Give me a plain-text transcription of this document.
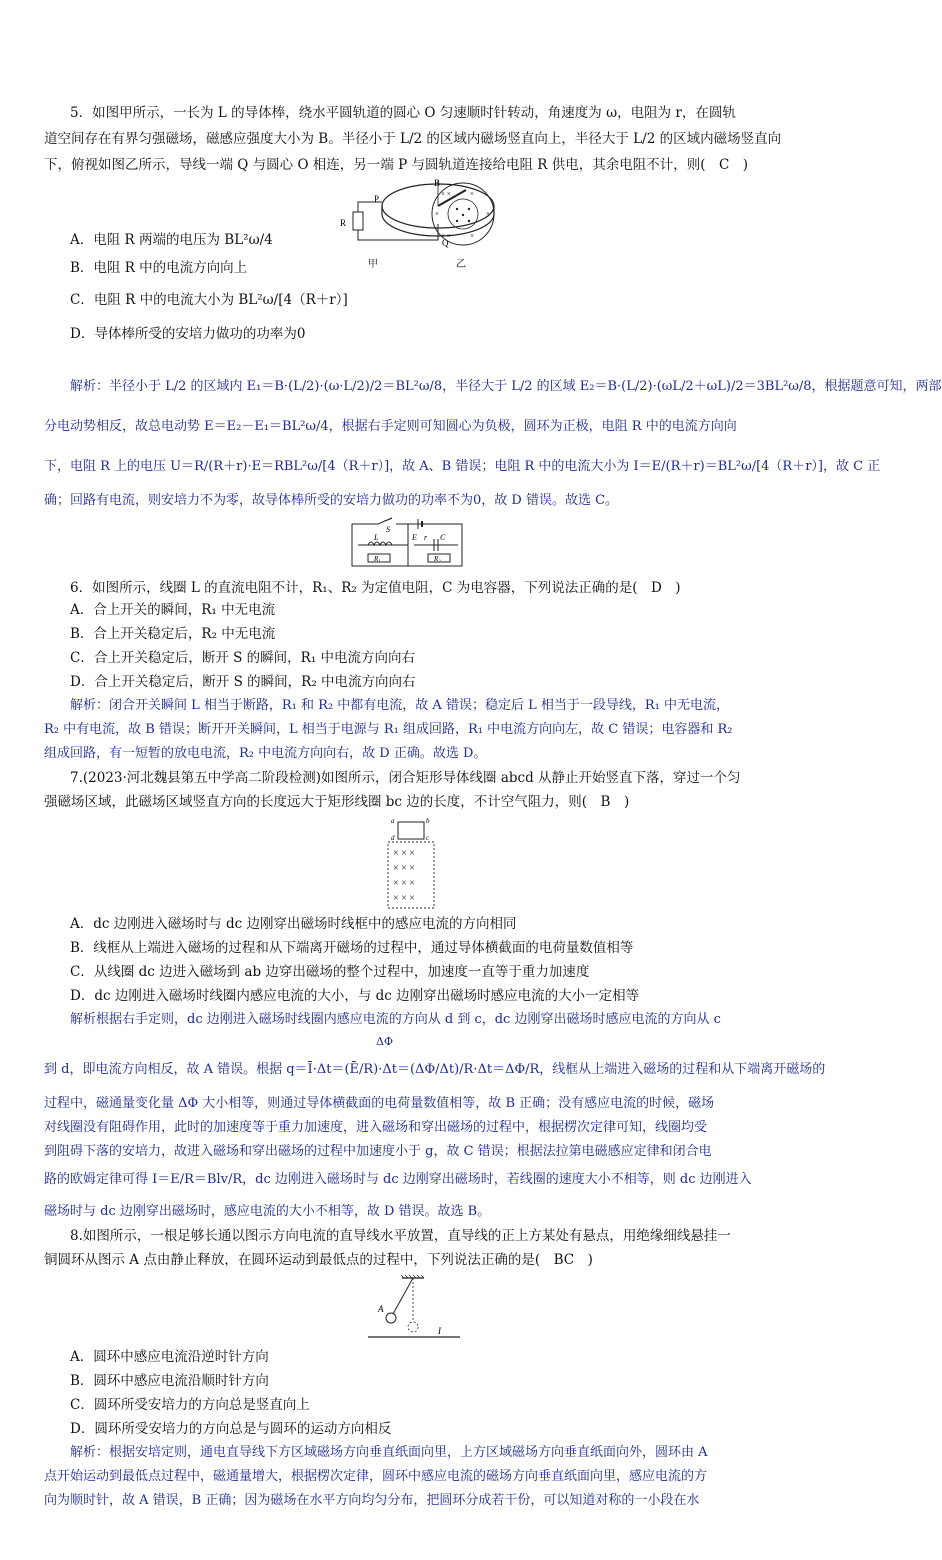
5．如图甲所示，一长为 L 的导体棒，绕水平圆轨道的圆心 O 匀速顺时针转动，角速度为 ω，电阻为 r，在圆轨
道空间存在有界匀强磁场，磁感应强度大小为 B。半径小于 L/2 的区域内磁场竖直向上，半径大于 L/2 的区域内磁场竖直向
下，俯视如图乙所示，导线一端 Q 与圆心 O 相连，另一端 P 与圆轨道连接给电阻 R 供电，其余电阻不计，则(　C　)
R
P
Q
B
甲
× ×	×
×	×
× ×	×
乙
A．电阻 R 两端的电压为 BL²ω/4
B．电阻 R 中的电流方向向上
C．电阻 R 中的电流大小为 BL²ω/[4（R＋r）]
D．导体棒所受的安培力做功的功率为0
解析：半径小于 L/2 的区域内 E₁＝B·(L/2)·(ω·L/2)/2＝BL²ω/8，半径大于 L/2 的区域 E₂＝B·(L/2)·(ωL/2＋ωL)/2＝3BL²ω/8，根据题意可知，两部
分电动势相反，故总电动势 E＝E₂－E₁＝BL²ω/4，根据右手定则可知圆心为负极，圆环为正极，电阻 R 中的电流方向向
下，电阻 R 上的电压 U＝R/(R＋r)·E＝RBL²ω/[4（R＋r）]，故 A、B 错误；电阻 R 中的电流大小为 I＝E/(R＋r)＝BL²ω/[4（R＋r）]，故 C 正
确；回路有电流，则安培力不为零，故导体棒所受的安培力做功的功率不为0，故 D 错误。故选 C。
S
L	E r C
R₁	R₂
6．如图所示，线圈 L 的直流电阻不计，R₁、R₂ 为定值电阻，C 为电容器，下列说法正确的是(　D　)
A．合上开关的瞬间，R₁ 中无电流
B．合上开关稳定后，R₂ 中无电流
C．合上开关稳定后，断开 S 的瞬间，R₁ 中电流方向向右
D．合上开关稳定后，断开 S 的瞬间，R₂ 中电流方向向右
解析：闭合开关瞬间 L 相当于断路，R₁ 和 R₂ 中都有电流，故 A 错误；稳定后 L 相当于一段导线，R₁ 中无电流，
R₂ 中有电流，故 B 错误；断开开关瞬间，L 相当于电源与 R₁ 组成回路，R₁ 中电流方向向左，故 C 错误；电容器和 R₂
组成回路，有一短暂的放电电流，R₂ 中电流方向向右，故 D 正确。故选 D。
7.(2023·河北魏县第五中学高二阶段检测)如图所示，闭合矩形导体线圈 abcd 从静止开始竖直下落，穿过一个匀
强磁场区域，此磁场区域竖直方向的长度远大于矩形线圈 bc 边的长度，不计空气阻力，则(　B　)
a	b
c
d
× × ×
× × ×
× × ×
× × ×
A．dc 边刚进入磁场时与 dc 边刚穿出磁场时线框中的感应电流的方向相同
B．线框从上端进入磁场的过程和从下端离开磁场的过程中，通过导体横截面的电荷量数值相等
C．从线圈 dc 边进入磁场到 ab 边穿出磁场的整个过程中，加速度一直等于重力加速度
D．dc 边刚进入磁场时线圈内感应电流的大小，与 dc 边刚穿出磁场时感应电流的大小一定相等
解析根据右手定则，dc 边刚进入磁场时线圈内感应电流的方向从 d 到 c，dc 边刚穿出磁场时感应电流的方向从 c
ΔΦ
到 d，即电流方向相反，故 A 错误。根据 q＝Ī·Δt＝(Ē/R)·Δt＝(ΔΦ/Δt)/R·Δt＝ΔΦ/R，线框从上端进入磁场的过程和从下端离开磁场的
过程中，磁通量变化量 ΔΦ 大小相等，则通过导体横截面的电荷量数值相等，故 B 正确；没有感应电流的时候，磁场
对线圈没有阻碍作用，此时的加速度等于重力加速度，进入磁场和穿出磁场的过程中，根据楞次定律可知，线圈均受
到阻碍下落的安培力，故进入磁场和穿出磁场的过程中加速度小于 g，故 C 错误；根据法拉第电磁感应定律和闭合电
路的欧姆定律可得 I＝E/R＝Blv/R，dc 边刚进入磁场时与 dc 边刚穿出磁场时，若线圈的速度大小不相等，则 dc 边刚进入
磁场时与 dc 边刚穿出磁场时，感应电流的大小不相等，故 D 错误。故选 B。
8.如图所示，一根足够长通以图示方向电流的直导线水平放置，直导线的正上方某处有悬点，用绝缘细线悬挂一
铜圆环从图示 A 点由静止释放，在圆环运动到最低点的过程中，下列说法正确的是(　BC　)
A
I
A．圆环中感应电流沿逆时针方向
B．圆环中感应电流沿顺时针方向
C．圆环所受安培力的方向总是竖直向上
D．圆环所受安培力的方向总是与圆环的运动方向相反
解析：根据安培定则，通电直导线下方区域磁场方向垂直纸面向里，上方区域磁场方向垂直纸面向外，圆环由 A
点开始运动到最低点过程中，磁通量增大，根据楞次定律，圆环中感应电流的磁场方向垂直纸面向里，感应电流的方
向为顺时针，故 A 错误，B 正确；因为磁场在水平方向均匀分布，把圆环分成若干份，可以知道对称的一小段在水
